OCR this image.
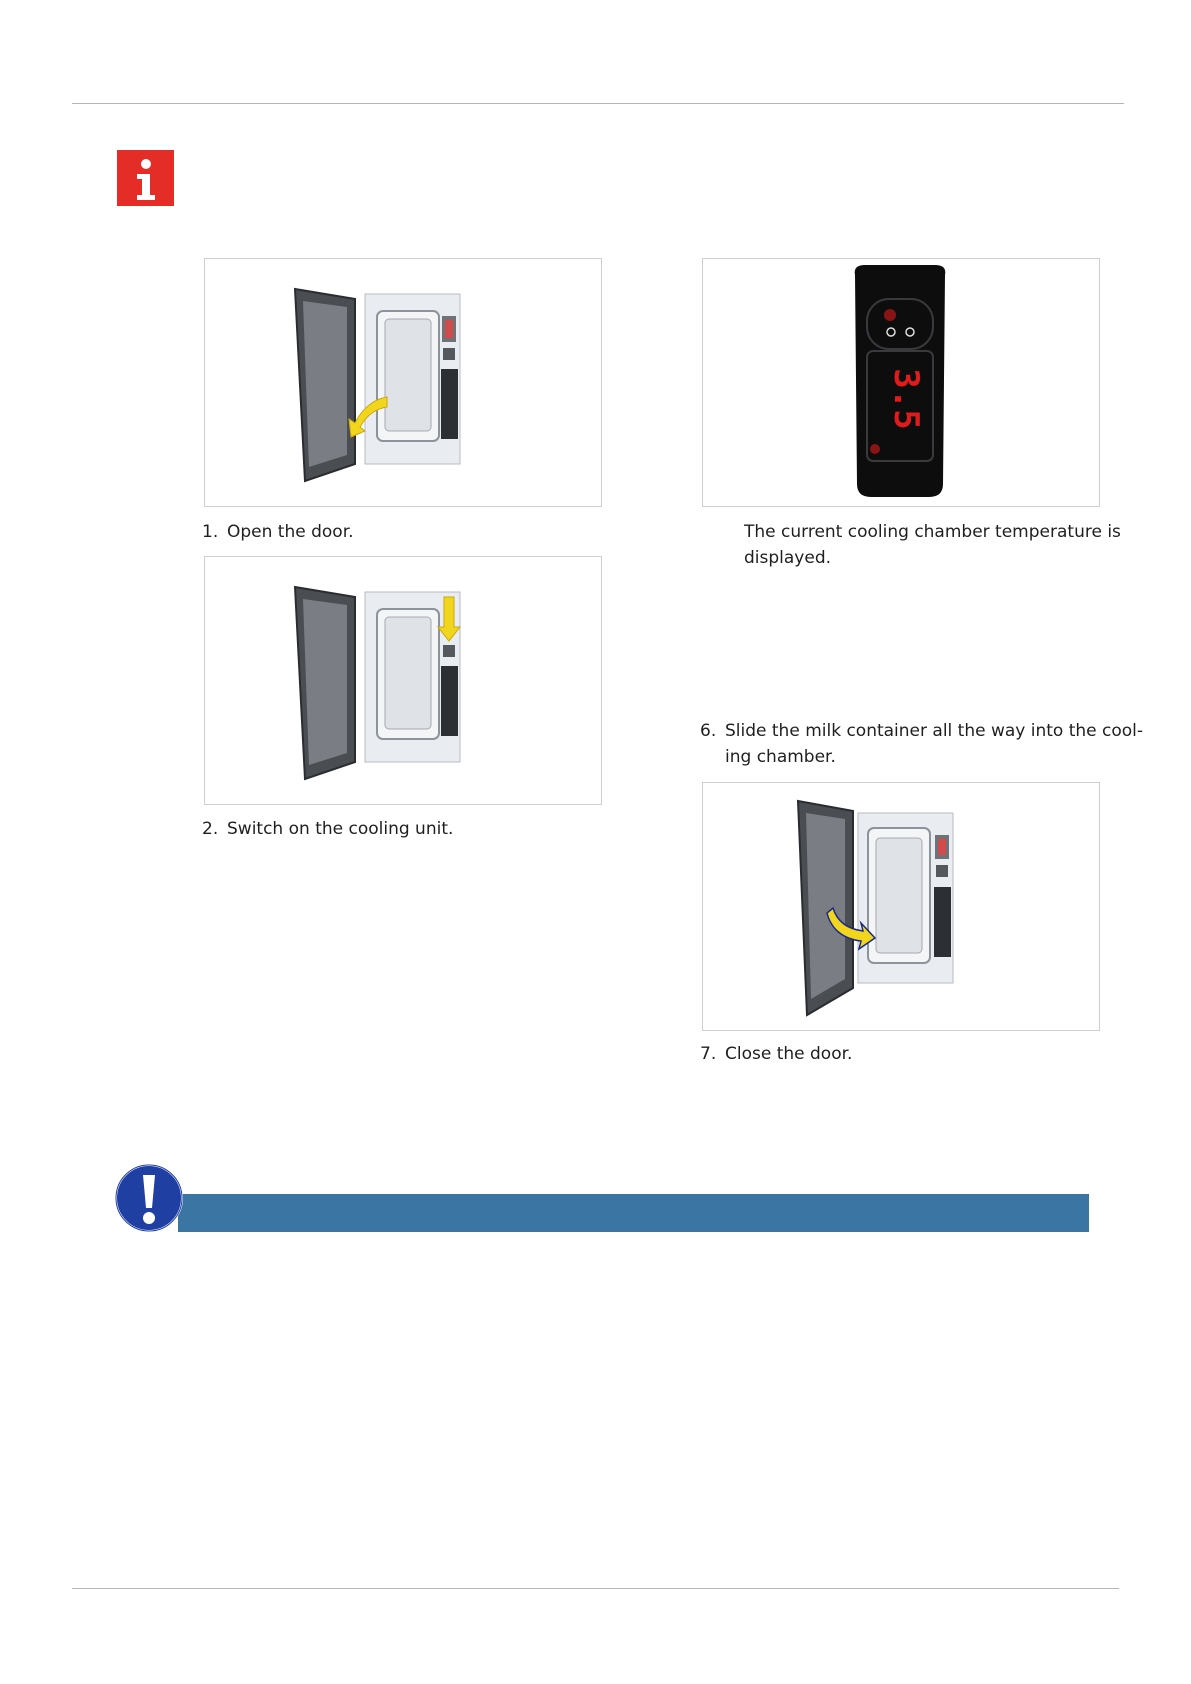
1. Open the door.
2. Switch on the cooling unit.
3.5
The current cooling chamber temperature is
displayed.
6. Slide the milk container all the way into the cool-
ing chamber.
7. Close the door.
